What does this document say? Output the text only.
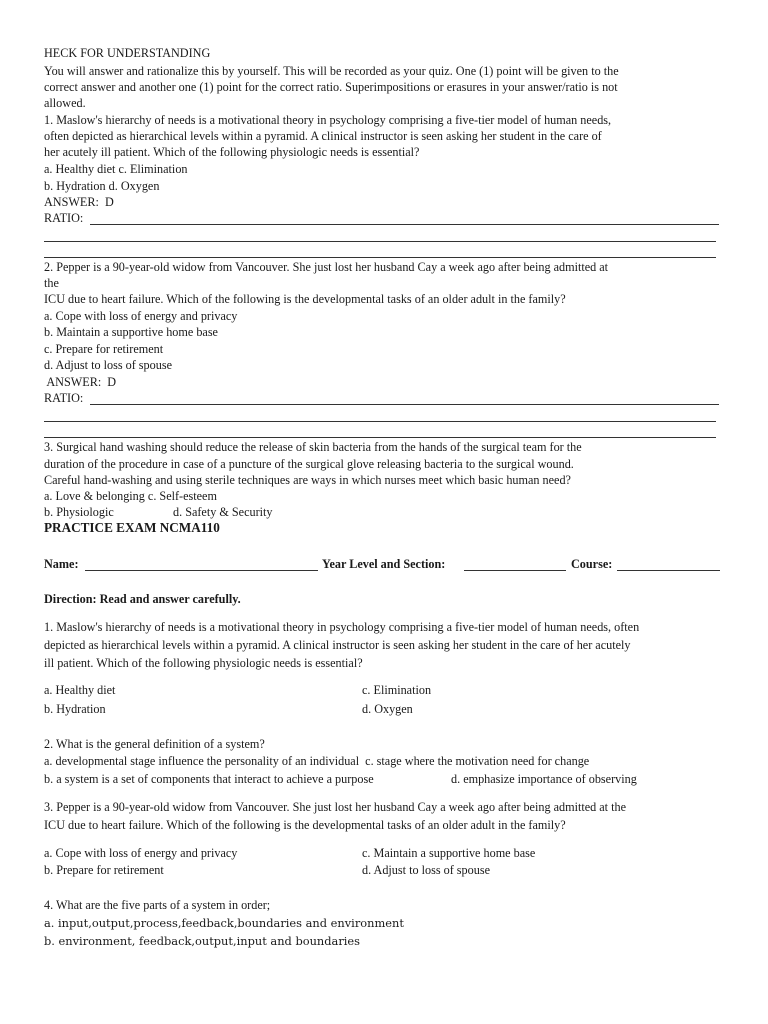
HECK FOR UNDERSTANDING
You will answer and rationalize this by yourself. This will be recorded as your quiz. One (1) point will be given to the
correct answer and another one (1) point for the correct ratio. Superimpositions or erasures in your answer/ratio is not
allowed.
1. Maslow's hierarchy of needs is a motivational theory in psychology comprising a five-tier model of human needs,
often depicted as hierarchical levels within a pyramid. A clinical instructor is seen asking her student in the care of
her acutely ill patient. Which of the following physiologic needs is essential?
a. Healthy diet c. Elimination
b. Hydration d. Oxygen
ANSWER:  D
RATIO:
2. Pepper is a 90-year-old widow from Vancouver. She just lost her husband Cay a week ago after being admitted at
the
ICU due to heart failure. Which of the following is the developmental tasks of an older adult in the family?
a. Cope with loss of energy and privacy
b. Maintain a supportive home base
c. Prepare for retirement
d. Adjust to loss of spouse
ANSWER:  D
RATIO:
3. Surgical hand washing should reduce the release of skin bacteria from the hands of the surgical team for the
duration of the procedure in case of a puncture of the surgical glove releasing bacteria to the surgical wound.
Careful hand-washing and using sterile techniques are ways in which nurses meet which basic human need?
a. Love & belonging c. Self-esteem
b. Physiologic	d. Safety & Security
PRACTICE EXAM NCMA110
Name:	Year Level and Section:	Course:
Direction: Read and answer carefully.
1. Maslow's hierarchy of needs is a motivational theory in psychology comprising a five-tier model of human needs, often
depicted as hierarchical levels within a pyramid. A clinical instructor is seen asking her student in the care of her acutely
ill patient. Which of the following physiologic needs is essential?
a. Healthy diet	c. Elimination
b. Hydration	d. Oxygen
2. What is the general definition of a system?
a. developmental stage influence the personality of an individual  c. stage where the motivation need for change
b. a system is a set of components that interact to achieve a purpose	d. emphasize importance of observing
3. Pepper is a 90-year-old widow from Vancouver. She just lost her husband Cay a week ago after being admitted at the
ICU due to heart failure. Which of the following is the developmental tasks of an older adult in the family?
a. Cope with loss of energy and privacy	c. Maintain a supportive home base
b. Prepare for retirement	d. Adjust to loss of spouse
4. What are the five parts of a system in order;
a. input,output,process,feedback,boundaries and environment
b. environment, feedback,output,input and boundaries
